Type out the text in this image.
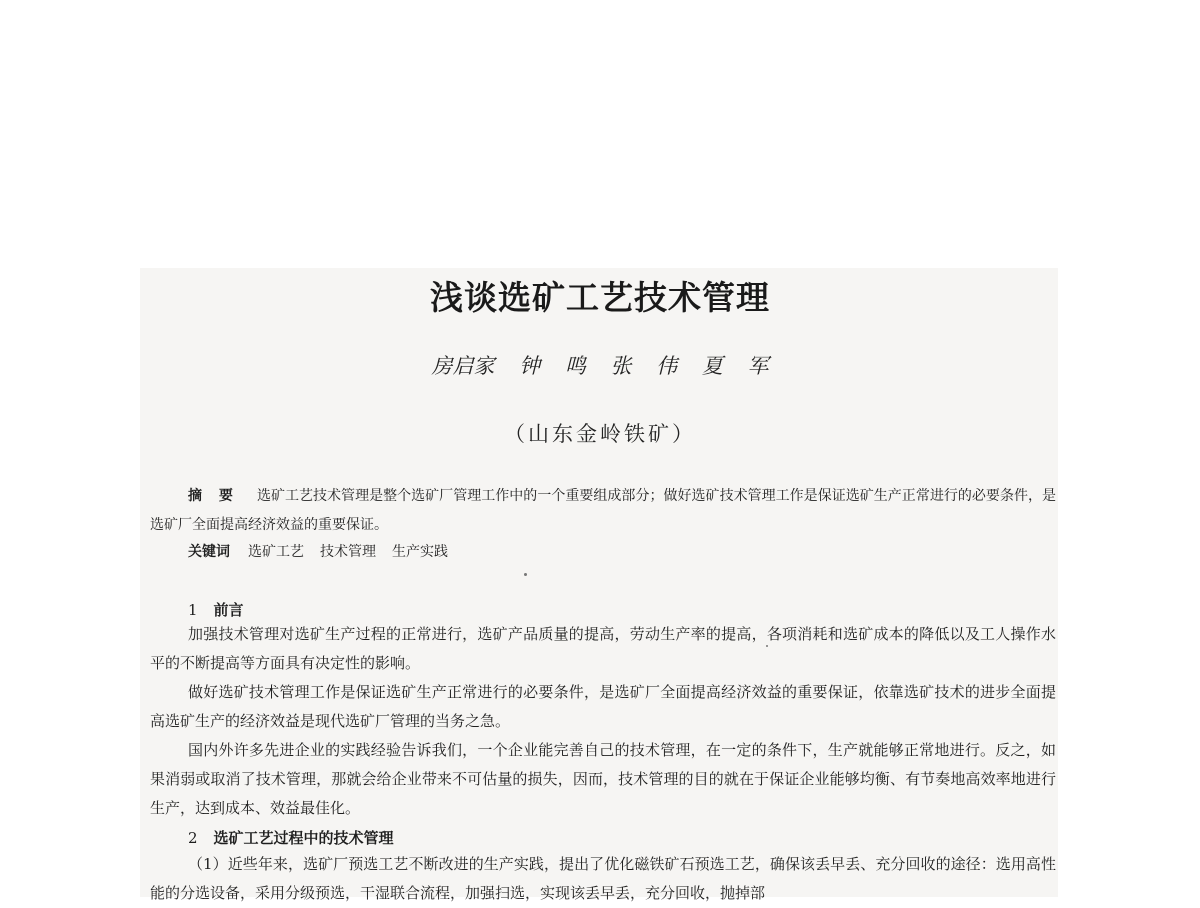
浅谈选矿工艺技术管理
房启家 钟 鸣 张 伟 夏 军
（山东金岭铁矿）
摘 要 选矿工艺技术管理是整个选矿厂管理工作中的一个重要组成部分；做好选矿技术管理工作是保证选矿生产正常进行的必要条件，是选矿厂全面提高经济效益的重要保证。
关键词 选矿工艺 技术管理 生产实践
1 前言
加强技术管理对选矿生产过程的正常进行，选矿产品质量的提高，劳动生产率的提高，各项消耗和选矿成本的降低以及工人操作水平的不断提高等方面具有决定性的影响。
做好选矿技术管理工作是保证选矿生产正常进行的必要条件，是选矿厂全面提高经济效益的重要保证，依靠选矿技术的进步全面提高选矿生产的经济效益是现代选矿厂管理的当务之急。
国内外许多先进企业的实践经验告诉我们，一个企业能完善自己的技术管理，在一定的条件下，生产就能够正常地进行。反之，如果消弱或取消了技术管理，那就会给企业带来不可估量的损失，因而，技术管理的目的就在于保证企业能够均衡、有节奏地高效率地进行生产，达到成本、效益最佳化。
2 选矿工艺过程中的技术管理
（1）近些年来，选矿厂预选工艺不断改进的生产实践，提出了优化磁铁矿石预选工艺，确保该丢早丢、充分回收的途径：选用高性能的分选设备，采用分级预选，干湿联合流程，加强扫选，实现该丢早丢，充分回收，抛掉部
